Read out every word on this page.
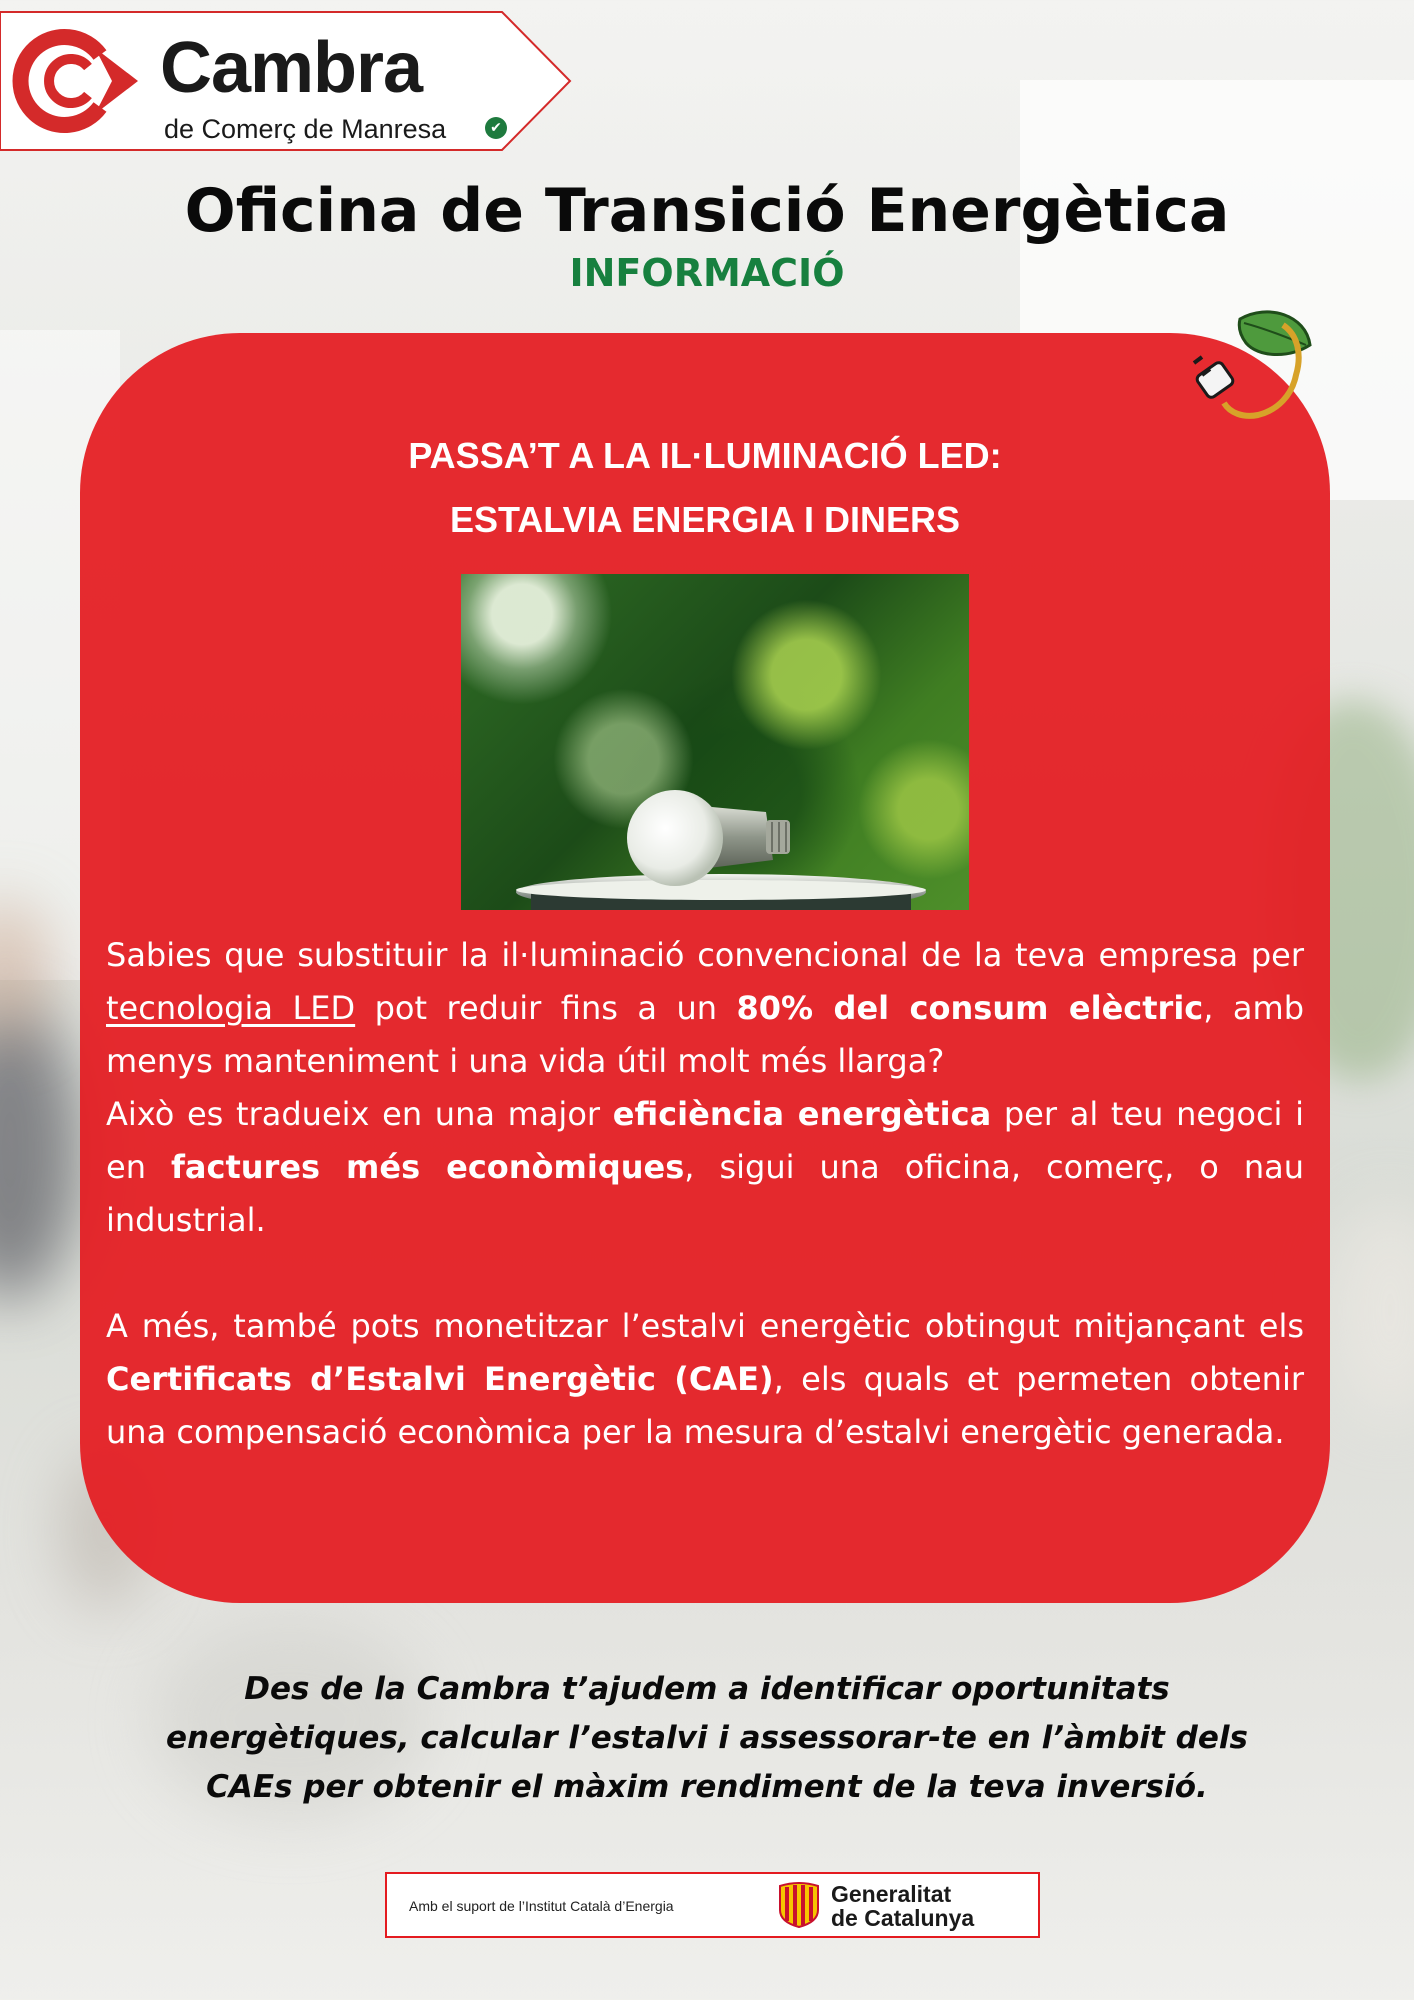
Cambra
de Comerç de Manresa	✔
Oficina de Transició Energètica
INFORMACIÓ
PASSA’T A LA IL·LUMINACIÓ LED:
ESTALVIA ENERGIA I DINERS

Sabies que substituir la il·luminació convencional de la teva empresa per tecnologia LED pot reduir fins a un 80% del consum elèctric, amb menys manteniment i una vida útil molt més llarga?
Això es tradueix en una major eficiència energètica per al teu negoci i en factures més econòmiques, sigui una oficina, comerç, o nau industrial.

A més, també pots monetitzar l’estalvi energètic obtingut mitjançant els Certificats d’Estalvi Energètic (CAE), els quals et permeten obtenir una compensació econòmica per la mesura d’estalvi energètic generada.

Des de la Cambra t’ajudem a identificar oportunitats
energètiques, calcular l’estalvi i assessorar-te en l’àmbit dels
CAEs per obtenir el màxim rendiment de la teva inversió.

Amb el suport de l’Institut Català d’Energia	Generalitat
de Catalunya
